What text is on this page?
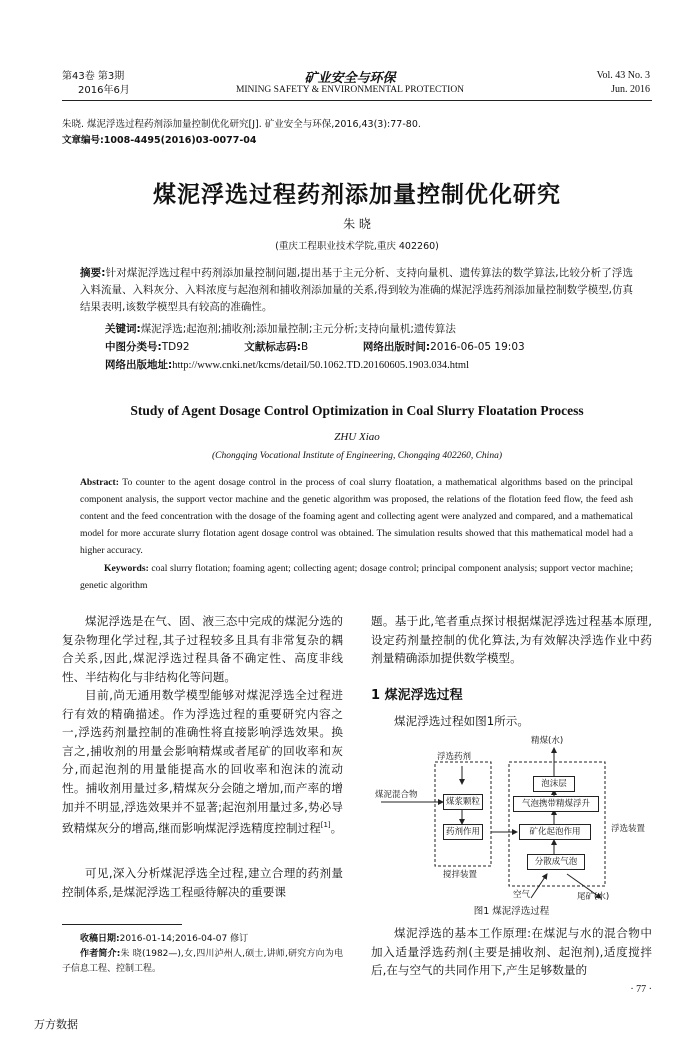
第43卷 第3期
2016年6月
矿业安全与环保
MINING SAFETY & ENVIRONMENTAL PROTECTION
Vol. 43 No. 3
Jun. 2016
朱晓. 煤泥浮选过程药剂添加量控制优化研究[J]. 矿业安全与环保,2016,43(3):77-80.
文章编号:1008-4495(2016)03-0077-04
煤泥浮选过程药剂添加量控制优化研究
朱 晓
(重庆工程职业技术学院,重庆 402260)
摘要:针对煤泥浮选过程中药剂添加量控制问题,提出基于主元分析、支持向量机、遗传算法的数学算法,比较分析了浮选入料流量、入料灰分、入料浓度与起泡剂和捕收剂添加量的关系,得到较为准确的煤泥浮选药剂添加量控制数学模型,仿真结果表明,该数学模型具有较高的准确性。
关键词:煤泥浮选;起泡剂;捕收剂;添加量控制;主元分析;支持向量机;遗传算法
中图分类号:TD92	文献标志码:B	网络出版时间:2016-06-05 19:03
网络出版地址:http://www.cnki.net/kcms/detail/50.1062.TD.20160605.1903.034.html
Study of Agent Dosage Control Optimization in Coal Slurry Floatation Process
ZHU Xiao
(Chongqing Vocational Institute of Engineering, Chongqing 402260, China)
Abstract: To counter to the agent dosage control in the process of coal slurry floatation, a mathematical algorithms based on the principal component analysis, the support vector machine and the genetic algorithm was proposed, the relations of the flotation feed flow, the feed ash content and the feed concentration with the dosage of the foaming agent and collecting agent were analyzed and compared, and a mathematical model for more accurate slurry flotation agent dosage control was obtained. The simulation results showed that this mathematical model had a higher accuracy.
Keywords: coal slurry flotation; foaming agent; collecting agent; dosage control; principal component analysis; support vector machine; genetic algorithm
煤泥浮选是在气、固、液三态中完成的煤泥分选的复杂物理化学过程,其子过程较多且具有非常复杂的耦合关系,因此,煤泥浮选过程具备不确定性、高度非线性、半结构化与非结构化等问题。
目前,尚无通用数学模型能够对煤泥浮选全过程进行有效的精确描述。作为浮选过程的重要研究内容之一,浮选药剂量控制的准确性将直接影响浮选效果。换言之,捕收剂的用量会影响精煤或者尾矿的回收率和灰分,而起泡剂的用量能提高水的回收率和泡沫的流动性。捕收剂用量过多,精煤灰分会随之增加,而产率的增加并不明显,浮选效果并不显著;起泡剂用量过多,势必导致精煤灰分的增高,继而影响煤泥浮选精度控制过程[1]。
可见,深入分析煤泥浮选全过程,建立合理的药剂量控制体系,是煤泥浮选工程亟待解决的重要课
收稿日期:2016-01-14;2016-04-07 修订
作者简介:朱 晓(1982—),女,四川泸州人,硕士,讲师,研究方向为电子信息工程、控制工程。
题。基于此,笔者重点探讨根据煤泥浮选过程基本原理,设定药剂量控制的优化算法,为有效解决浮选作业中药剂量精确添加提供数学模型。
1 煤泥浮选过程
煤泥浮选过程如图1所示。
精煤(水)
浮选药剂
煤泥混合物
搅拌装置
浮选装置
空气	尾矿(水)
泡沫层
煤浆颗粒	气泡携带精煤浮升
药剂作用	矿化起泡作用
分散成气泡
图1 煤泥浮选过程
煤泥浮选的基本工作原理:在煤泥与水的混合物中加入适量浮选药剂(主要是捕收剂、起泡剂),适度搅拌后,在与空气的共同作用下,产生足够数量的
· 77 ·
万方数据
